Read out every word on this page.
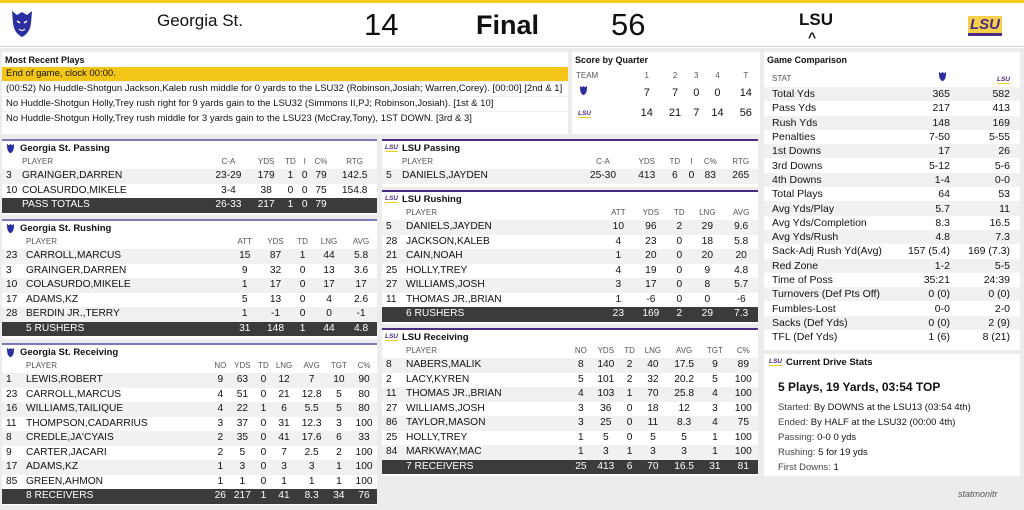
Georgia St.	14	Final 56	LSU
^
LSU
Most Recent Plays
End of game, clock 00:00.
(00:52) No Huddle-Shotgun Jackson,Kaleb rush middle for 0 yards to the LSU32 (Robinson,Josiah; Warren,Corey). [00:00] [2nd & 1]
No Huddle-Shotgun Holly,Trey rush right for 9 yards gain to the LSU32 (Simmons II,PJ; Robinson,Josiah). [1st & 10]
No Huddle-Shotgun Holly,Trey rush middle for 3 yards gain to the LSU23 (McCray,Tony), 1ST DOWN. [3rd & 3]
Score by Quarter
TEAM	1	2	3	4	T
	7	7	0	0	14
LSU	14	21	7	14	56
Georgia St. Passing
	PLAYER	C-A	YDS	TD	I	C%	RTG
3	GRAINGER,DARREN	23-29	179	1	0	79	142.5
10	COLASURDO,MIKELE	3-4	38	0	0	75	154.8
	PASS TOTALS	26-33	217	1	0	79	
Georgia St. Rushing
	PLAYER	ATT	YDS	TD	LNG	AVG
23	CARROLL,MARCUS	15	87	1	44	5.8
3	GRAINGER,DARREN	9	32	0	13	3.6
10	COLASURDO,MIKELE	1	17	0	17	17
17	ADAMS,KZ	5	13	0	4	2.6
28	BERDIN JR.,TERRY	1	-1	0	0	-1
	5 RUSHERS	31	148	1	44	4.8
Georgia St. Receiving
	PLAYER	NO	YDS	TD	LNG	AVG	TGT	C%
1	LEWIS,ROBERT	9	63	0	12	7	10	90
23	CARROLL,MARCUS	4	51	0	21	12.8	5	80
16	WILLIAMS,TAILIQUE	4	22	1	6	5.5	5	80
11	THOMPSON,CADARRIUS	3	37	0	31	12.3	3	100
8	CREDLE,JA'CYAIS	2	35	0	41	17.6	6	33
9	CARTER,JACARI	2	5	0	7	2.5	2	100
17	ADAMS,KZ	1	3	0	3	3	1	100
85	GREEN,AHMON	1	1	0	1	1	1	100
	8 RECEIVERS	26	217	1	41	8.3	34	76
LSU LSU Passing
	PLAYER	C-A	YDS	TD	I	C%	RTG
5	DANIELS,JAYDEN	25-30	413	6	0	83	265
LSU LSU Rushing
	PLAYER	ATT	YDS	TD	LNG	AVG
5	DANIELS,JAYDEN	10	96	2	29	9.6
28	JACKSON,KALEB	4	23	0	18	5.8
21	CAIN,NOAH	1	20	0	20	20
25	HOLLY,TREY	4	19	0	9	4.8
27	WILLIAMS,JOSH	3	17	0	8	5.7
11	THOMAS JR.,BRIAN	1	-6	0	0	-6
	6 RUSHERS	23	169	2	29	7.3
LSU LSU Receiving
	PLAYER	NO	YDS	TD	LNG	AVG	TGT	C%
8	NABERS,MALIK	8	140	2	40	17.5	9	89
2	LACY,KYREN	5	101	2	32	20.2	5	100
11	THOMAS JR.,BRIAN	4	103	1	70	25.8	4	100
27	WILLIAMS,JOSH	3	36	0	18	12	3	100
86	TAYLOR,MASON	3	25	0	11	8.3	4	75
25	HOLLY,TREY	1	5	0	5	5	1	100
84	MARKWAY,MAC	1	3	1	3	3	1	100
	7 RECEIVERS	25	413	6	70	16.5	31	81
Game Comparison
STAT		LSU
Total Yds	365	582
Pass Yds	217	413
Rush Yds	148	169
Penalties	7-50	5-55
1st Downs	17	26
3rd Downs	5-12	5-6
4th Downs	1-4	0-0
Total Plays	64	53
Avg Yds/Play	5.7	11
Avg Yds/Completion	8.3	16.5
Avg Yds/Rush	4.8	7.3
Sack-Adj Rush Yd(Avg)	157 (5.4)	169 (7.3)
Red Zone	1-2	5-5
Time of Poss	35:21	24:39
Turnovers (Def Pts Off)	0 (0)	0 (0)
Fumbles-Lost	0-0	2-0
Sacks (Def Yds)	0 (0)	2 (9)
TFL (Def Yds)	1 (6)	8 (21)
LSU Current Drive Stats
5 Plays, 19 Yards, 03:54 TOP
Started: By DOWNS at the LSU13 (03:54 4th)
Ended: By HALF at the LSU32 (00:00 4th)
Passing: 0-0 0 yds
Rushing: 5 for 19 yds
First Downs: 1
statmonitr
